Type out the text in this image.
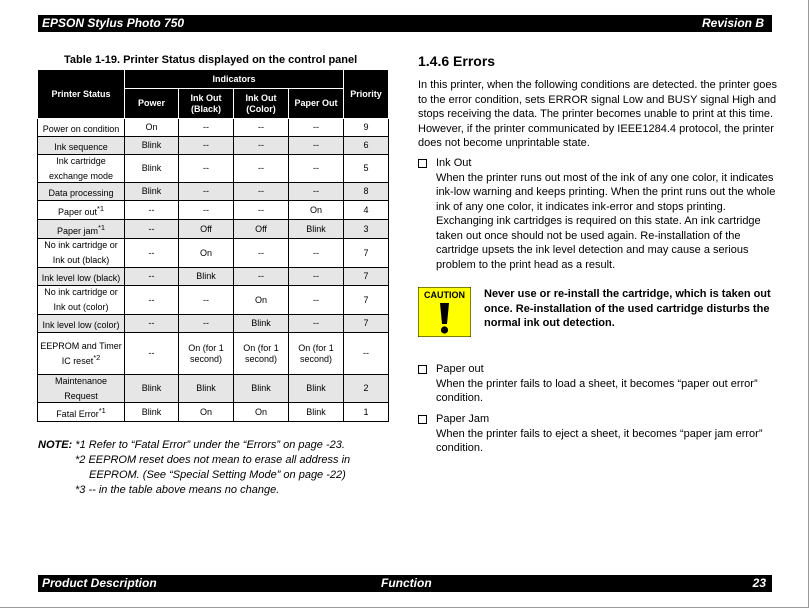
EPSON Stylus Photo 750	Revision B
Table 1-19. Printer Status displayed on the control panel
Printer Status	Indicators				Priority
	Power	Ink Out (Black)	Ink Out (Color)	Paper Out	
Power on condition	On	--	--	--	9
Ink sequence	Blink	--	--	--	6
Ink cartridge exchange mode	Blink	--	--	--	5
Data processing	Blink	--	--	--	8
Paper out$^{*1}$	--	--	--	On	4
Paper jam$^{*1}$	--	Off	Off	Blink	3
No ink cartridge or Ink out (black)	--	On	--	--	7
Ink level low (black)	--	Blink	--	--	7
No ink cartridge or Ink out (color)	--	--	On	--	7
Ink level low (color)	--	--	Blink	--	7
EEPROM and Timer IC reset$^{*2}$	--	On (for 1 second)	On (for 1 second)	On (for 1 second)	--
Maintenanoe Request	Blink	Blink	Blink	Blink	2
Fatal Error$^{*1}$	Blink	On	On	Blink	1
NOTE: *1 Refer to “Fatal Error” under the “Errors” on page -23.
*2 EEPROM reset does not mean to erase all address in
EEPROM. (See “Special Setting Mode” on page -22)
*3 -- in the table above means no change.
1.4.6 Errors
In this printer, when the following conditions are detected. the printer goes to the error condition, sets ERROR signal Low and BUSY signal High and stops receiving the data. The printer becomes unable to print at this time. However, if the printer communicated by IEEE1284.4 protocol, the printer does not become unprintable state.
Ink Out
When the printer runs out most of the ink of any one color, it indicates ink-low warning and keeps printing. When the print runs out the whole ink of any one color, it indicates ink-error and stops printing. Exchanging ink cartridges is required on this state. An ink cartridge taken out once should not be used again. Re-installation of the cartridge upsets the ink level detection and may cause a serious problem to the print head as a result.
CAUTION Never use or re-install the cartridge, which is taken out once. Re-installation of the used cartridge disturbs the normal ink out detection.
Paper out
When the printer fails to load a sheet, it becomes “paper out error” condition.
Paper Jam
When the printer fails to eject a sheet, it becomes “paper jam error” condition.
Product Description	Function	23
